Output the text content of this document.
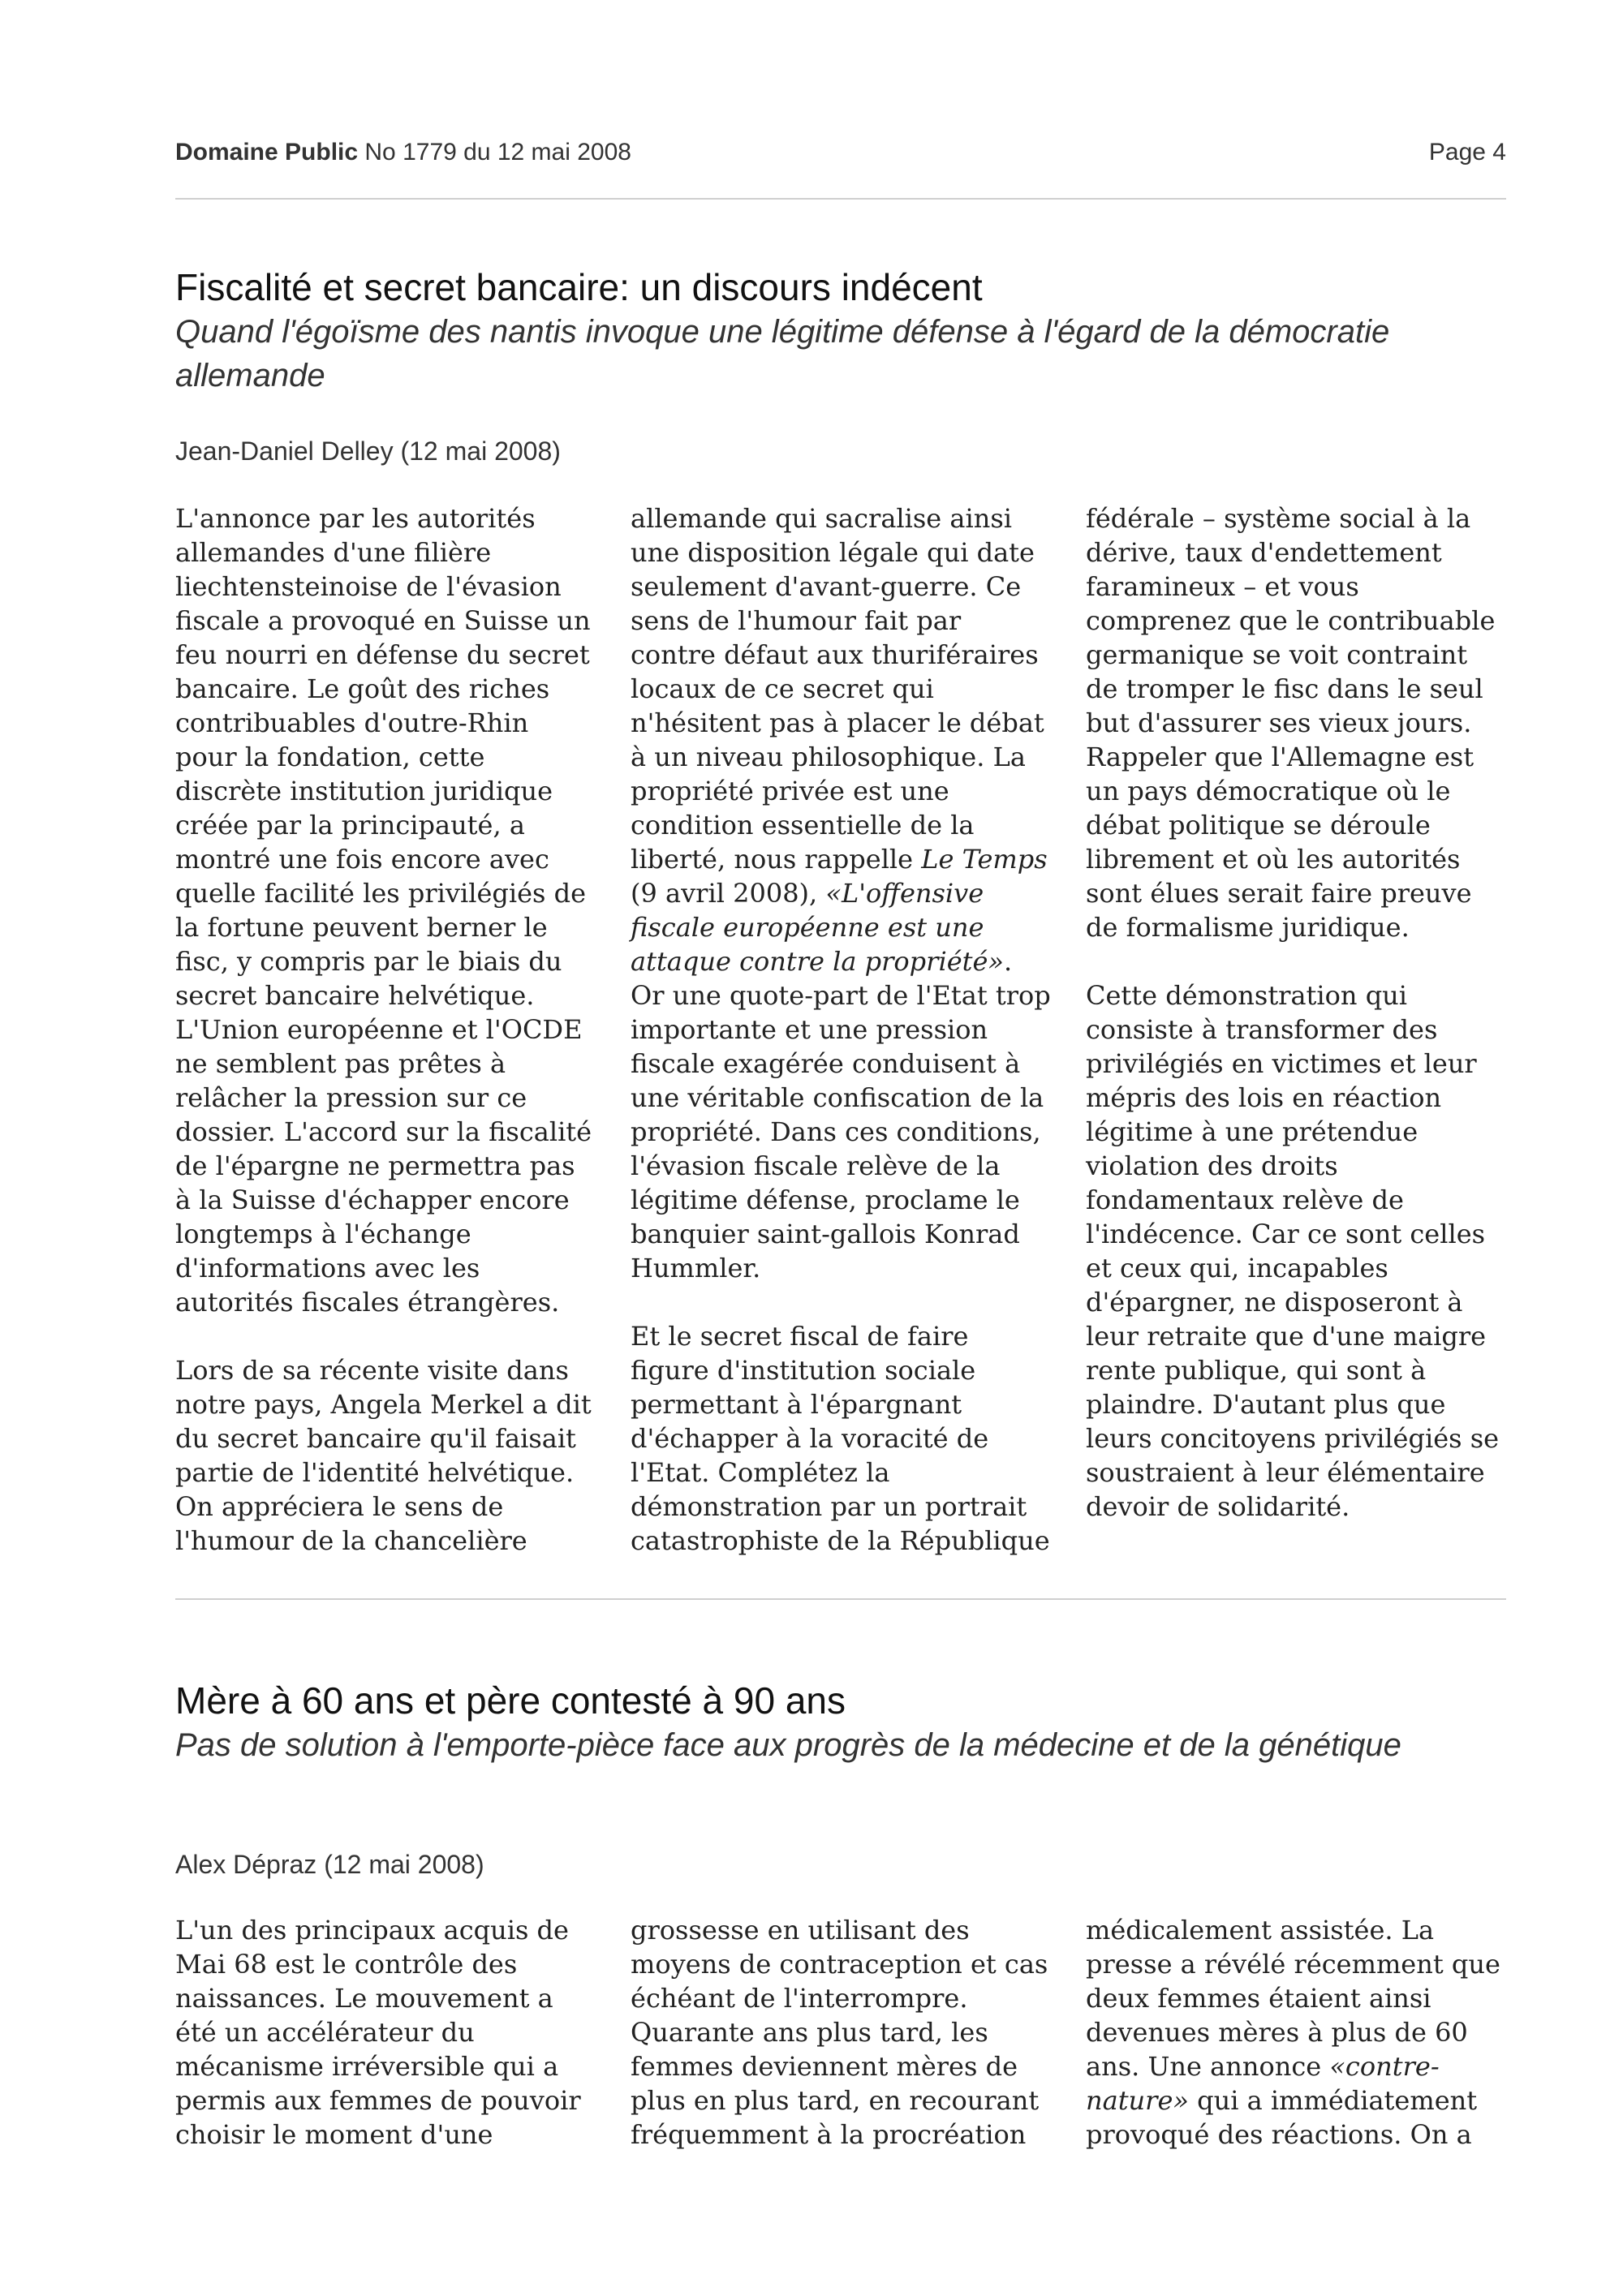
Domaine Public No 1779 du 12 mai 2008	Page 4
Fiscalité et secret bancaire: un discours indécent
Quand l'égoïsme des nantis invoque une légitime défense à l'égard de la démocratie allemande
Jean-Daniel Delley (12 mai 2008)

L'annonce par les autorités allemandes d'une filière liechtensteinoise de l'évasion fiscale a provoqué en Suisse un feu nourri en défense du secret bancaire. Le goût des riches contribuables d'outre-Rhin pour la fondation, cette discrète institution juridique créée par la principauté, a montré une fois encore avec quelle facilité les privilégiés de la fortune peuvent berner le fisc, y compris par le biais du secret bancaire helvétique. L'Union européenne et l'OCDE ne semblent pas prêtes à relâcher la pression sur ce dossier. L'accord sur la fiscalité de l'épargne ne permettra pas à la Suisse d'échapper encore longtemps à l'échange d'informations avec les autorités fiscales étrangères.

Lors de sa récente visite dans notre pays, Angela Merkel a dit du secret bancaire qu'il faisait partie de l'identité helvétique. On appréciera le sens de l'humour de la chancelière

allemande qui sacralise ainsi une disposition légale qui date seulement d'avant-guerre. Ce sens de l'humour fait par contre défaut aux thuriféraires locaux de ce secret qui n'hésitent pas à placer le débat à un niveau philosophique. La propriété privée est une condition essentielle de la liberté, nous rappelle Le Temps (9 avril 2008), «L'offensive fiscale européenne est une attaque contre la propriété». Or une quote-part de l'Etat trop importante et une pression fiscale exagérée conduisent à une véritable confiscation de la propriété. Dans ces conditions, l'évasion fiscale relève de la légitime défense, proclame le banquier saint-gallois Konrad Hummler.

Et le secret fiscal de faire figure d'institution sociale permettant à l'épargnant d'échapper à la voracité de l'Etat. Complétez la démonstration par un portrait catastrophiste de la République

fédérale – système social à la dérive, taux d'endettement faramineux – et vous comprenez que le contribuable germanique se voit contraint de tromper le fisc dans le seul but d'assurer ses vieux jours. Rappeler que l'Allemagne est un pays démocratique où le débat politique se déroule librement et où les autorités sont élues serait faire preuve de formalisme juridique.

Cette démonstration qui consiste à transformer des privilégiés en victimes et leur mépris des lois en réaction légitime à une prétendue violation des droits fondamentaux relève de l'indécence. Car ce sont celles et ceux qui, incapables d'épargner, ne disposeront à leur retraite que d'une maigre rente publique, qui sont à plaindre. D'autant plus que leurs concitoyens privilégiés se soustraient à leur élémentaire devoir de solidarité.

Mère à 60 ans et père contesté à 90 ans
Pas de solution à l'emporte-pièce face aux progrès de la médecine et de la génétique
Alex Dépraz (12 mai 2008)

L'un des principaux acquis de Mai 68 est le contrôle des naissances. Le mouvement a été un accélérateur du mécanisme irréversible qui a permis aux femmes de pouvoir choisir le moment d'une

grossesse en utilisant des moyens de contraception et cas échéant de l'interrompre. Quarante ans plus tard, les femmes deviennent mères de plus en plus tard, en recourant fréquemment à la procréation

médicalement assistée. La presse a révélé récemment que deux femmes étaient ainsi devenues mères à plus de 60 ans. Une annonce «contre-nature» qui a immédiatement provoqué des réactions. On a
